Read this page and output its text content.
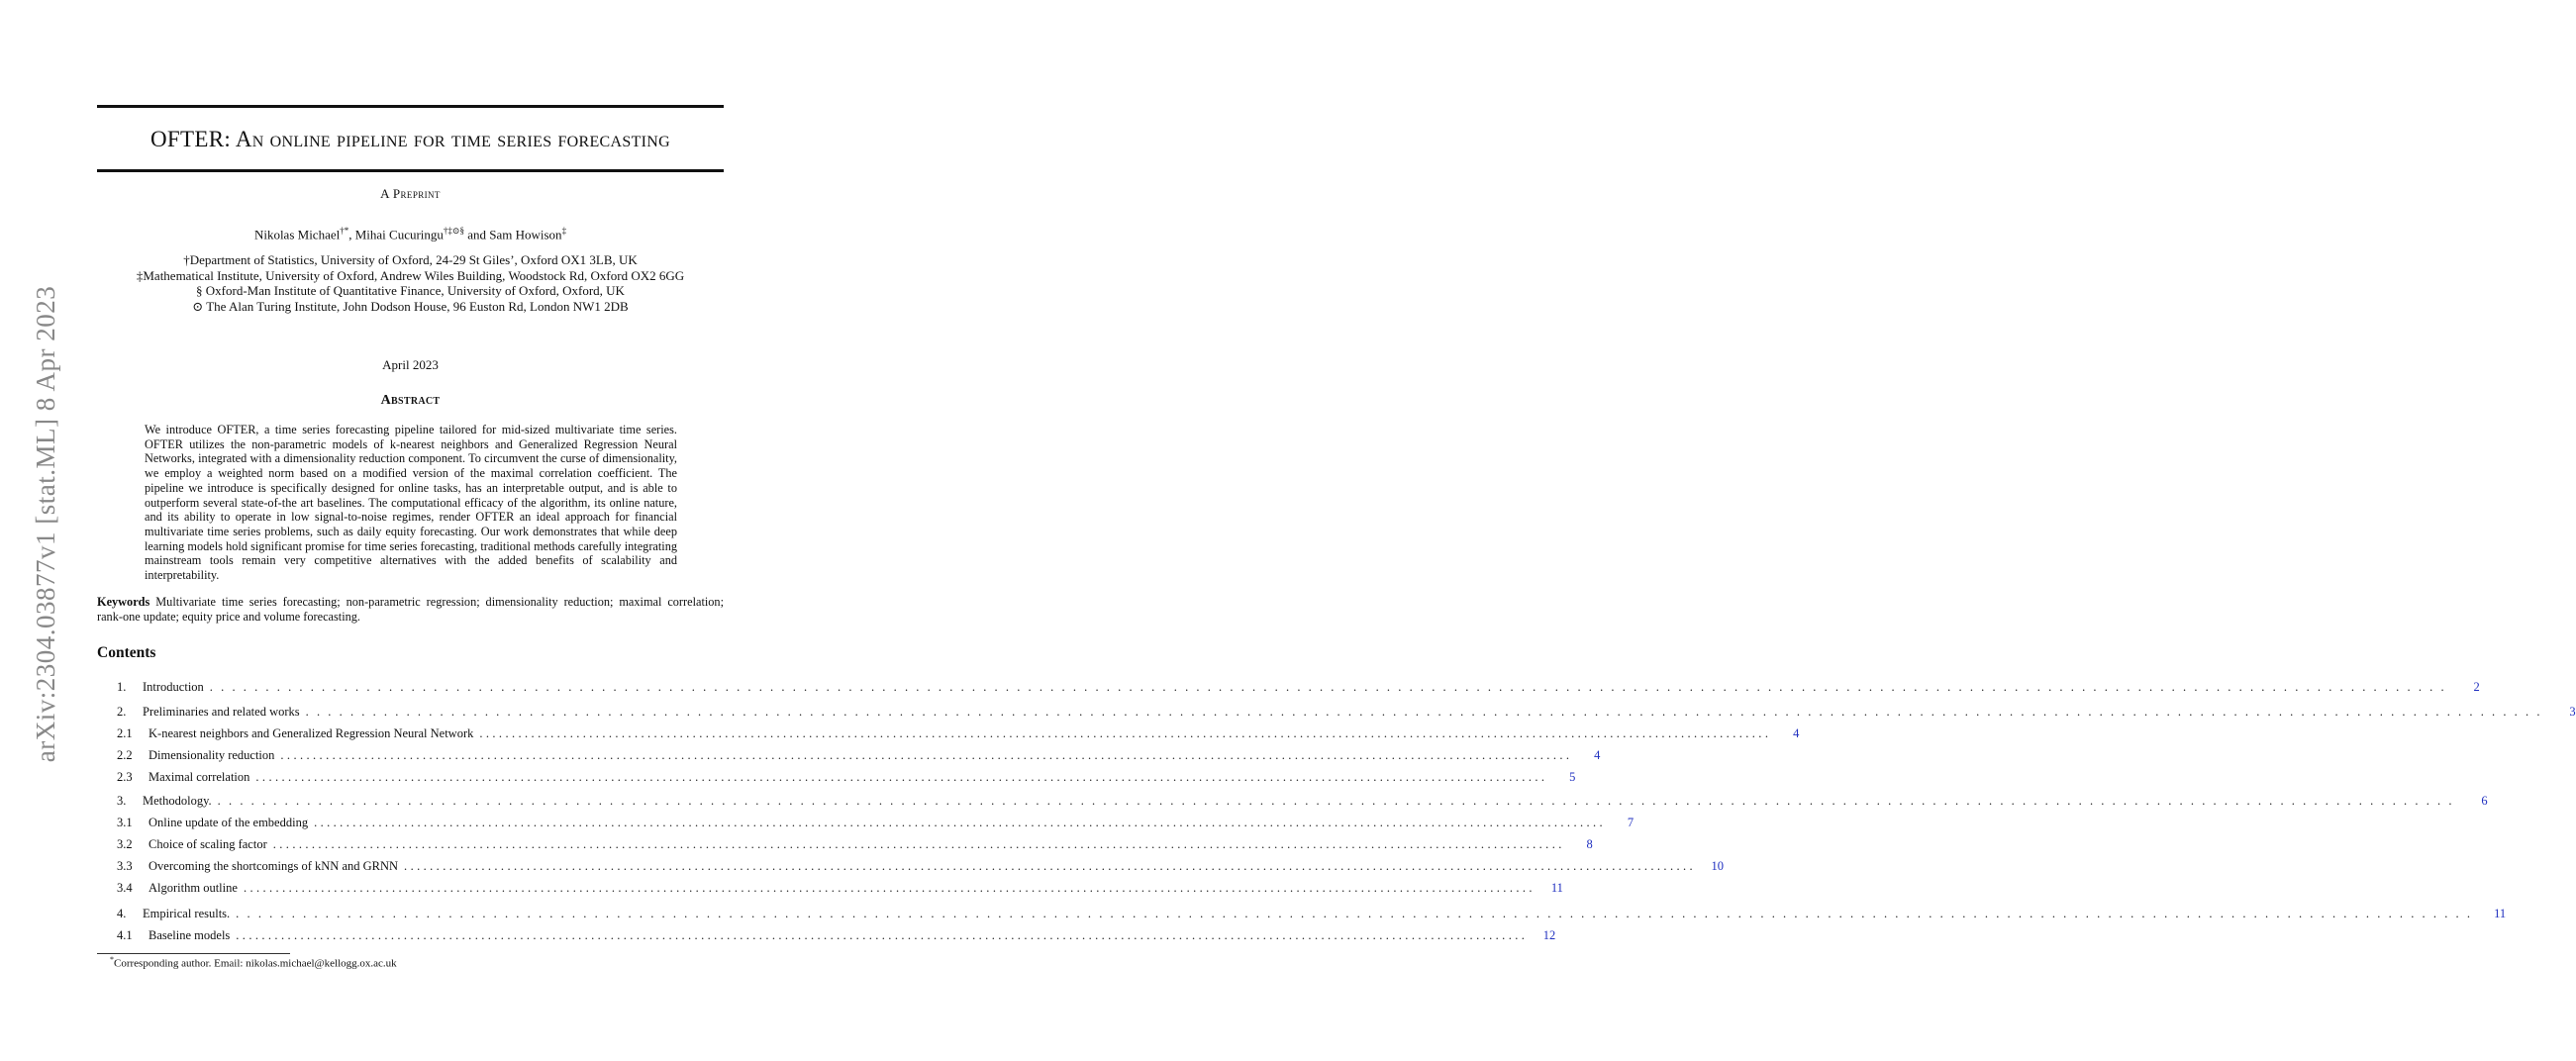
arXiv:2304.03877v1 [stat.ML] 8 Apr 2023
OFTER: An online pipeline for time series forecasting
A Preprint
Nikolas Michael†*, Mihai Cucuringu†‡⊙§ and Sam Howison‡
†Department of Statistics, University of Oxford, 24-29 St Giles’, Oxford OX1 3LB, UK
‡Mathematical Institute, University of Oxford, Andrew Wiles Building, Woodstock Rd, Oxford OX2 6GG
§ Oxford-Man Institute of Quantitative Finance, University of Oxford, Oxford, UK
⊙ The Alan Turing Institute, John Dodson House, 96 Euston Rd, London NW1 2DB
April 2023
Abstract
We introduce OFTER, a time series forecasting pipeline tailored for mid-sized multivariate time series. OFTER utilizes the non-parametric models of k-nearest neighbors and Generalized Regression Neural Networks, integrated with a dimensionality reduction component. To circumvent the curse of dimensionality, we employ a weighted norm based on a modified version of the maximal correlation coefficient. The pipeline we introduce is specifically designed for online tasks, has an interpretable output, and is able to outperform several state-of-the art baselines. The computational efficacy of the algorithm, its online nature, and its ability to operate in low signal-to-noise regimes, render OFTER an ideal approach for financial multivariate time series problems, such as daily equity forecasting. Our work demonstrates that while deep learning models hold significant promise for time series forecasting, traditional methods carefully integrating mainstream tools remain very competitive alternatives with the added benefits of scalability and interpretability.
Keywords Multivariate time series forecasting; non-parametric regression; dimensionality reduction; maximal correlation; rank-one update; equity price and volume forecasting.
Contents
1.	Introduction ........................................................................................................................................................................................................	2
2.	Preliminaries and related works ........................................................................................................................................................................................................	3
2.1	K-nearest neighbors and Generalized Regression Neural Network ........................................................................................................................................................................................................	4
2.2	Dimensionality reduction ........................................................................................................................................................................................................	4
2.3	Maximal correlation ........................................................................................................................................................................................................	5
3.	Methodology. ........................................................................................................................................................................................................	6
3.1	Online update of the embedding ........................................................................................................................................................................................................	7
3.2	Choice of scaling factor ........................................................................................................................................................................................................	8
3.3	Overcoming the shortcomings of kNN and GRNN ........................................................................................................................................................................................................	10
3.4	Algorithm outline ........................................................................................................................................................................................................	11
4.	Empirical results. ........................................................................................................................................................................................................	11
4.1	Baseline models ........................................................................................................................................................................................................	12
*Corresponding author. Email: nikolas.michael@kellogg.ox.ac.uk
